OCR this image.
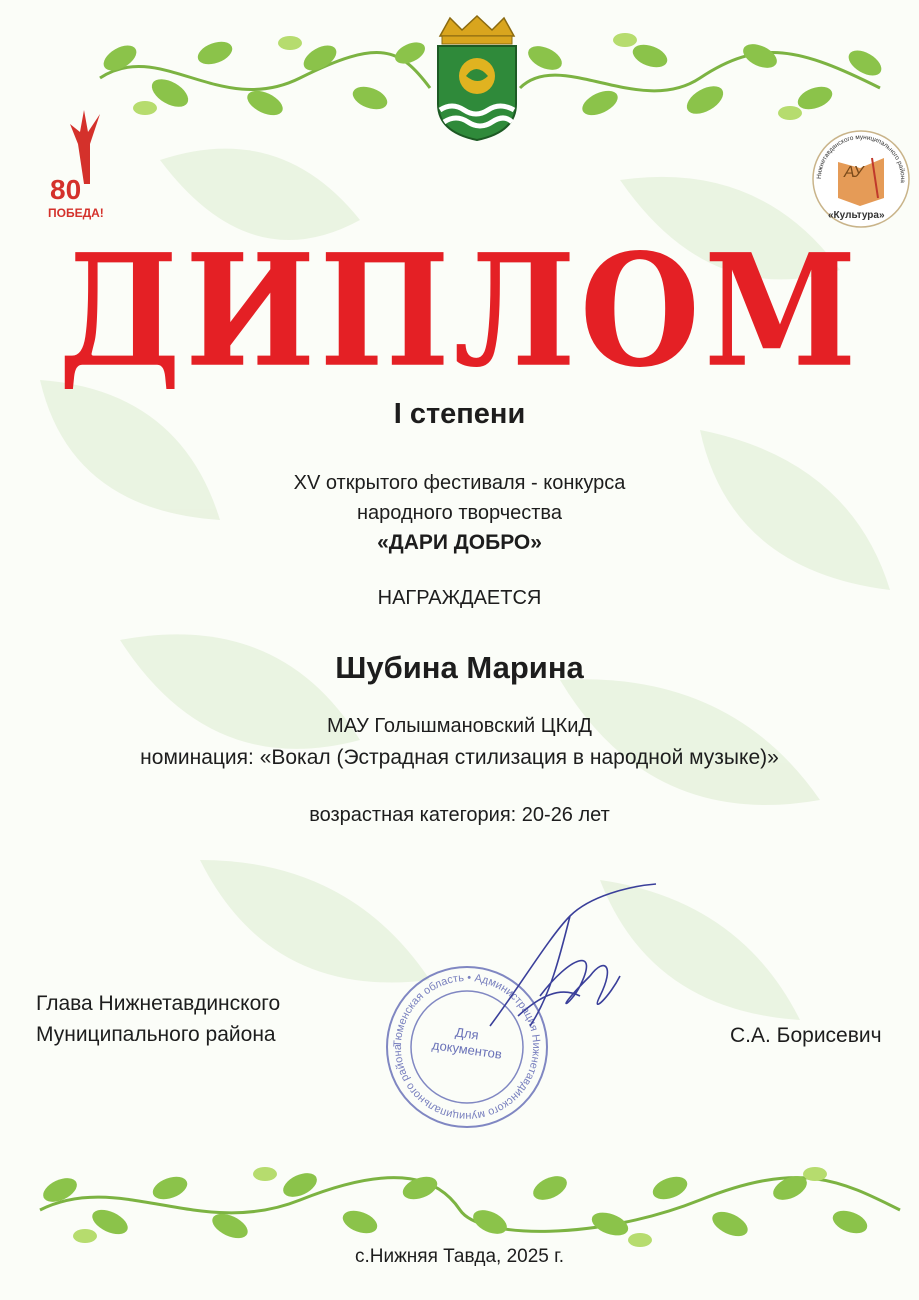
80
ПОБЕДА!
Нижнетавдинского муниципального района
АУ
«Культура»
ДИПЛОМ
I степени
XV открытого фестиваля - конкурса
народного творчества
«ДАРИ ДОБРО»
НАГРАЖДАЕТСЯ
Шубина Марина
МАУ Голышмановский ЦКиД
номинация: «Вокал (Эстрадная стилизация в народной музыке)»
возрастная категория: 20-26 лет
Глава Нижнетавдинского
Муниципального района	С.А. Борисевич
Тюменская область • Администрация Нижнетавдинского муниципального района
Для
документов
с.Нижняя Тавда, 2025 г.
